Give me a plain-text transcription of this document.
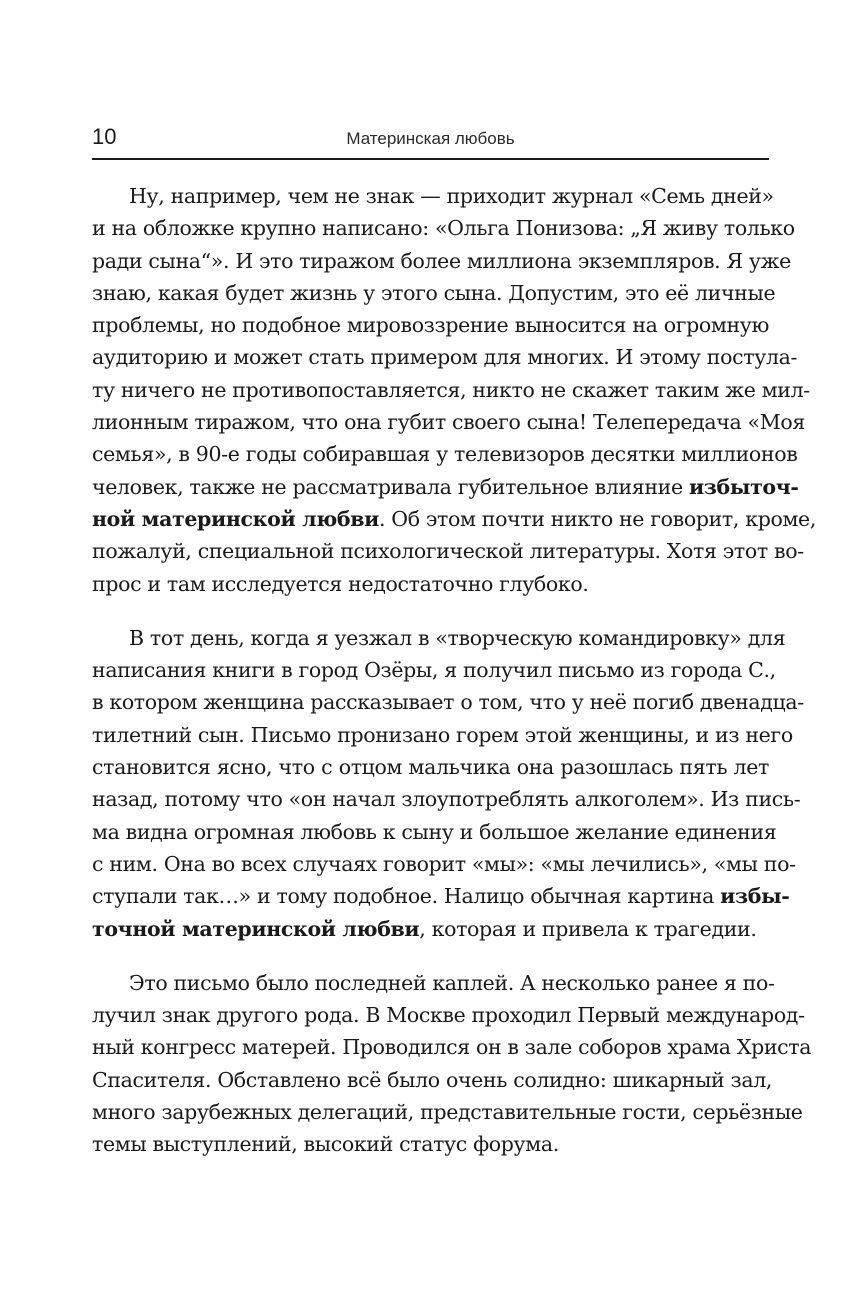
10	Материнская любовь
Ну, например, чем не знак — приходит журнал «Семь дней»
и на обложке крупно написано: «Ольга Понизова: „Я живу только
ради сына“». И это тиражом более миллиона экземпляров. Я уже
знаю, какая будет жизнь у этого сына. Допустим, это её личные
проблемы, но подобное мировоззрение выносится на огромную
аудиторию и может стать примером для многих. И этому постула-
ту ничего не противопоставляется, никто не скажет таким же мил-
лионным тиражом, что она губит своего сына! Телепередача «Моя
семья», в 90-е годы собиравшая у телевизоров десятки миллионов
человек, также не рассматривала губительное влияние избыточ-
ной материнской любви. Об этом почти никто не говорит, кроме,
пожалуй, специальной психологической литературы. Хотя этот во-
прос и там исследуется недостаточно глубоко.
В тот день, когда я уезжал в «творческую командировку» для
написания книги в город Озёры, я получил письмо из города С.,
в котором женщина рассказывает о том, что у неё погиб двенадца-
тилетний сын. Письмо пронизано горем этой женщины, и из него
становится ясно, что с отцом мальчика она разошлась пять лет
назад, потому что «он начал злоупотреблять алкоголем». Из пись-
ма видна огромная любовь к сыну и большое желание единения
с ним. Она во всех случаях говорит «мы»: «мы лечились», «мы по-
ступали так…» и тому подобное. Налицо обычная картина избы-
точной материнской любви, которая и привела к трагедии.
Это письмо было последней каплей. А несколько ранее я по-
лучил знак другого рода. В Москве проходил Первый международ-
ный конгресс матерей. Проводился он в зале соборов храма Христа
Спасителя. Обставлено всё было очень солидно: шикарный зал,
много зарубежных делегаций, представительные гости, серьёзные
темы выступлений, высокий статус форума.
